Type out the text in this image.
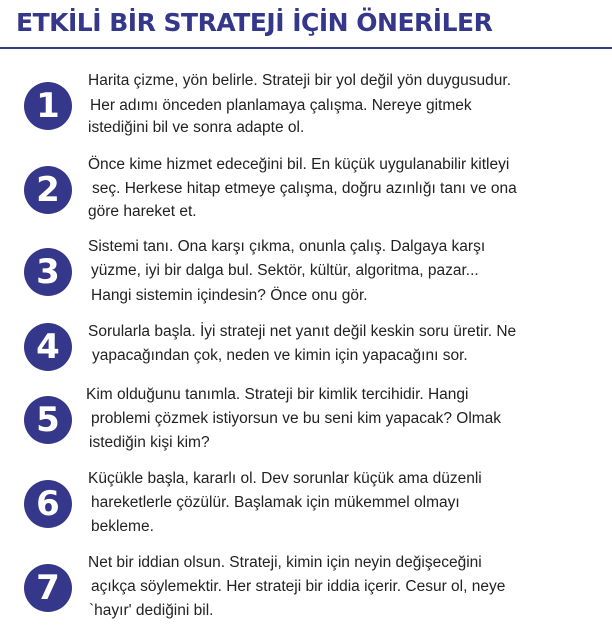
ETKİLİ BİR STRATEJİ İÇİN ÖNERİLER
1
Harita çizme, yön belirle. Strateji bir yol değil yön duygusudur.
Her adımı önceden planlamaya çalışma. Nereye gitmek
istediğini bil ve sonra adapte ol.
2
Önce kime hizmet edeceğini bil. En küçük uygulanabilir kitleyi
seç. Herkese hitap etmeye çalışma, doğru azınlığı tanı ve ona
göre hareket et.
3
Sistemi tanı. Ona karşı çıkma, onunla çalış. Dalgaya karşı
yüzme, iyi bir dalga bul. Sektör, kültür, algoritma, pazar...
Hangi sistemin içindesin? Önce onu gör.
4	Sorularla başla. İyi strateji net yanıt değil keskin soru üretir. Ne
yapacağından çok, neden ve kimin için yapacağını sor.
5
Kim olduğunu tanımla. Strateji bir kimlik tercihidir. Hangi
problemi çözmek istiyorsun ve bu seni kim yapacak? Olmak
istediğin kişi kim?
6
Küçükle başla, kararlı ol. Dev sorunlar küçük ama düzenli
hareketlerle çözülür. Başlamak için mükemmel olmayı
bekleme.
7
Net bir iddian olsun. Strateji, kimin için neyin değişeceğini
açıkça söylemektir. Her strateji bir iddia içerir. Cesur ol, neye
`hayır' dediğini bil.
